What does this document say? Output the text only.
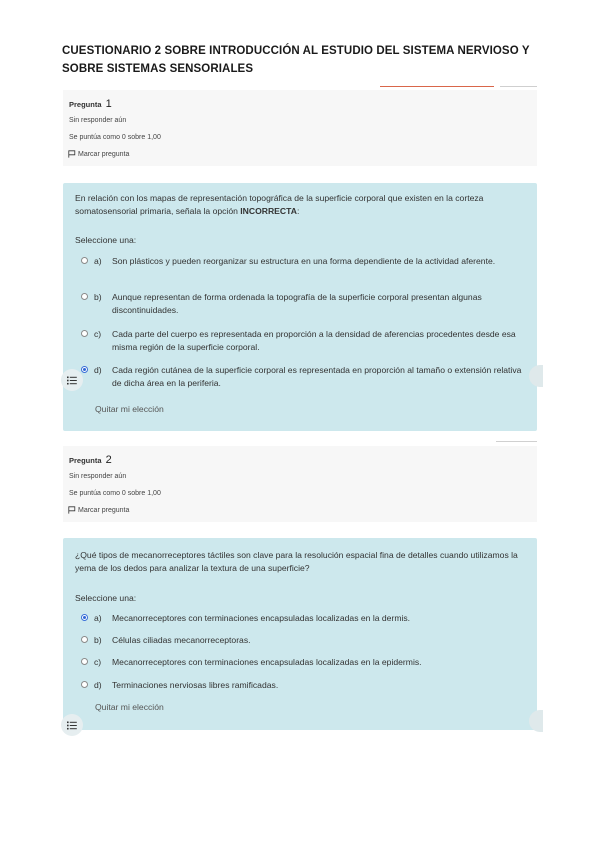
CUESTIONARIO 2 SOBRE INTRODUCCIÓN AL ESTUDIO DEL SISTEMA NERVIOSO Y SOBRE SISTEMAS SENSORIALES
Pregunta 1
Sin responder aún
Se puntúa como 0 sobre 1,00
Marcar pregunta
En relación con los mapas de representación topográfica de la superficie corporal que existen en la corteza somatosensorial primaria, señala la opción INCORRECTA:
Seleccione una:
a)	Son plásticos y pueden reorganizar su estructura en una forma dependiente de la actividad aferente.
b)	Aunque representan de forma ordenada la topografía de la superficie corporal presentan algunas discontinuidades.
c)	Cada parte del cuerpo es representada en proporción a la densidad de aferencias procedentes desde esa misma región de la superficie corporal.
d)	Cada región cutánea de la superficie corporal es representada en proporción al tamaño o extensión relativa de dicha área en la periferia.
Quitar mi elección
Pregunta 2
Sin responder aún
Se puntúa como 0 sobre 1,00
Marcar pregunta
¿Qué tipos de mecanorreceptores táctiles son clave para la resolución espacial fina de detalles cuando utilizamos la yema de los dedos para analizar la textura de una superficie?
Seleccione una:
a)	Mecanorreceptores con terminaciones encapsuladas localizadas en la dermis.
b)	Células ciliadas mecanorreceptoras.
c)	Mecanorreceptores con terminaciones encapsuladas localizadas en la epidermis.
d)	Terminaciones nerviosas libres ramificadas.
Quitar mi elección
